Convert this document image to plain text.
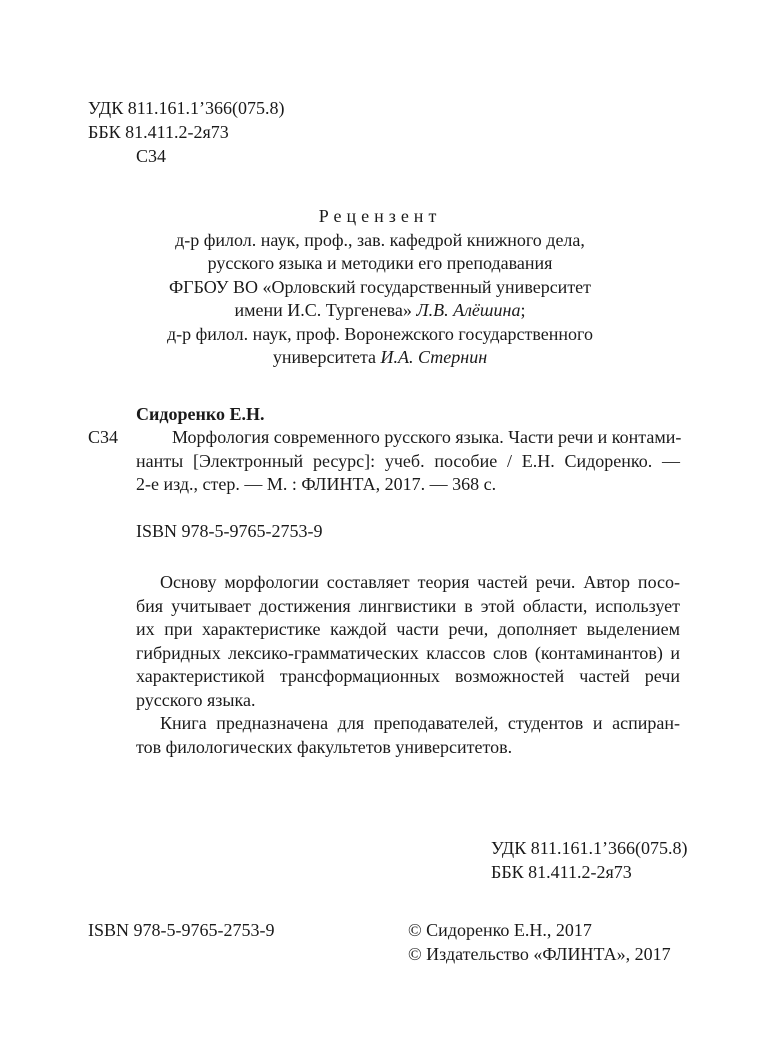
УДК 811.161.1’366(075.8)
ББК 81.411.2-2я73
С34
Рецензент
д-р филол. наук, проф., зав. кафедрой книжного дела,
русского языка и методики его преподавания
ФГБОУ ВО «Орловский государственный университет
имени И.С. Тургенева» Л.В. Алёшина;
д-р филол. наук, проф. Воронежского государственного
университета И.А. Стернин
Сидоренко Е.Н.
С34	Морфология современного русского языка. Части речи и контами-
нанты [Электронный ресурс]: учеб. пособие / Е.Н. Сидоренко. —
2-е изд., стер. — М. : ФЛИНТА, 2017. — 368 с.
ISBN 978-5-9765-2753-9
Основу морфологии составляет теория частей речи. Автор посо-
бия учитывает достижения лингвистики в этой области, использует
их при характеристике каждой части речи, дополняет выделением
гибридных лексико-грамматических классов слов (контаминантов) и
характеристикой трансформационных возможностей частей речи
русского языка.
Книга предназначена для преподавателей, студентов и аспиран-
тов филологических факультетов университетов.
УДК 811.161.1’366(075.8)
ББК 81.411.2-2я73
ISBN 978-5-9765-2753-9	© Сидоренко Е.Н., 2017
© Издательство «ФЛИНТА», 2017
